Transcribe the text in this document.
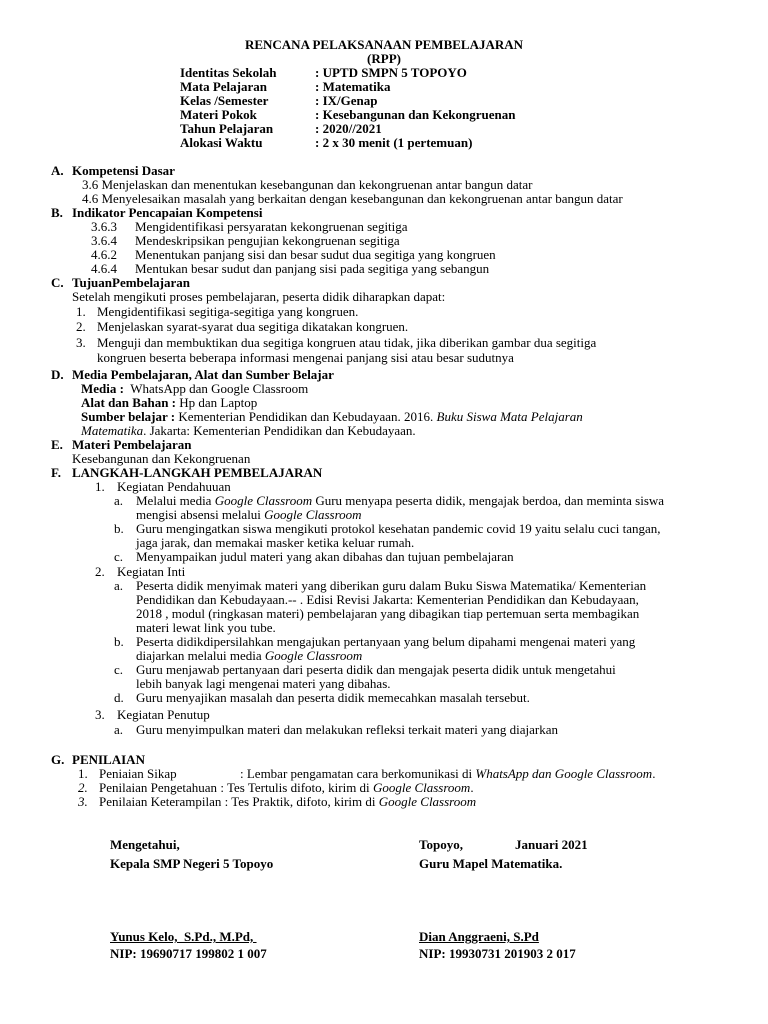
RENCANA PELAKSANAAN PEMBELAJARAN
(RPP)
Identitas Sekolah	: UPTD SMPN 5 TOPOYO
Mata Pelajaran	: Matematika
Kelas /Semester	: IX/Genap
Materi Pokok	: Kesebangunan dan Kekongruenan
Tahun Pelajaran	: 2020//2021
Alokasi Waktu	: 2 x 30 menit (1 pertemuan)
A. Kompetensi Dasar
3.6 Menjelaskan dan menentukan kesebangunan dan kekongruenan antar bangun datar
4.6 Menyelesaikan masalah yang berkaitan dengan kesebangunan dan kekongruenan antar bangun datar
B. Indikator Pencapaian Kompetensi
3.6.3 Mengidentifikasi persyaratan kekongruenan segitiga
3.6.4 Mendeskripsikan pengujian kekongruenan segitiga
4.6.2 Menentukan panjang sisi dan besar sudut dua segitiga yang kongruen
4.6.4 Mentukan besar sudut dan panjang sisi pada segitiga yang sebangun
C. TujuanPembelajaran
Setelah mengikuti proses pembelajaran, peserta didik diharapkan dapat:
1. Mengidentifikasi segitiga-segitiga yang kongruen.
2. Menjelaskan syarat-syarat dua segitiga dikatakan kongruen.
3. Menguji dan membuktikan dua segitiga kongruen atau tidak, jika diberikan gambar dua segitiga
kongruen beserta beberapa informasi mengenai panjang sisi atau besar sudutnya
D. Media Pembelajaran, Alat dan Sumber Belajar
Media :  WhatsApp dan Google Classroom
Alat dan Bahan : Hp dan Laptop
Sumber belajar : Kementerian Pendidikan dan Kebudayaan. 2016. Buku Siswa Mata Pelajaran
Matematika. Jakarta: Kementerian Pendidikan dan Kebudayaan.
E. Materi Pembelajaran
Kesebangunan dan Kekongruenan
F. LANGKAH-LANGKAH PEMBELAJARAN
1. Kegiatan Pendahuuan
a. Melalui media Google Classroom Guru menyapa peserta didik, mengajak berdoa, dan meminta siswa
mengisi absensi melalui Google Classroom
b. Guru mengingatkan siswa mengikuti protokol kesehatan pandemic covid 19 yaitu selalu cuci tangan,
jaga jarak, dan memakai masker ketika keluar rumah.
c. Menyampaikan judul materi yang akan dibahas dan tujuan pembelajaran
2. Kegiatan Inti
a. Peserta didik menyimak materi yang diberikan guru dalam Buku Siswa Matematika/ Kementerian
Pendidikan dan Kebudayaan.-- . Edisi Revisi Jakarta: Kementerian Pendidikan dan Kebudayaan,
2018 , modul (ringkasan materi) pembelajaran yang dibagikan tiap pertemuan serta membagikan
materi lewat link you tube.
b. Peserta didikdipersilahkan mengajukan pertanyaan yang belum dipahami mengenai materi yang
diajarkan melalui media Google Classroom
c. Guru menjawab pertanyaan dari peserta didik dan mengajak peserta didik untuk mengetahui
lebih banyak lagi mengenai materi yang dibahas.
d. Guru menyajikan masalah dan peserta didik memecahkan masalah tersebut.
3. Kegiatan Penutup
a. Guru menyimpulkan materi dan melakukan refleksi terkait materi yang diajarkan
G. PENILAIAN
1. Peniaian Sikap	: Lembar pengamatan cara berkomunikasi di WhatsApp dan Google Classroom.
2. Penilaian Pengetahuan : Tes Tertulis difoto, kirim di Google Classroom.
3. Penilaian Keterampilan : Tes Praktik, difoto, kirim di Google Classroom
Mengetahui,
Kepala SMP Negeri 5 Topoyo
Yunus Kelo,  S.Pd., M.Pd,
NIP: 19690717 199802 1 007
Topoyo,	Januari 2021
Guru Mapel Matematika.
Dian Anggraeni, S.Pd
NIP: 19930731 201903 2 017
